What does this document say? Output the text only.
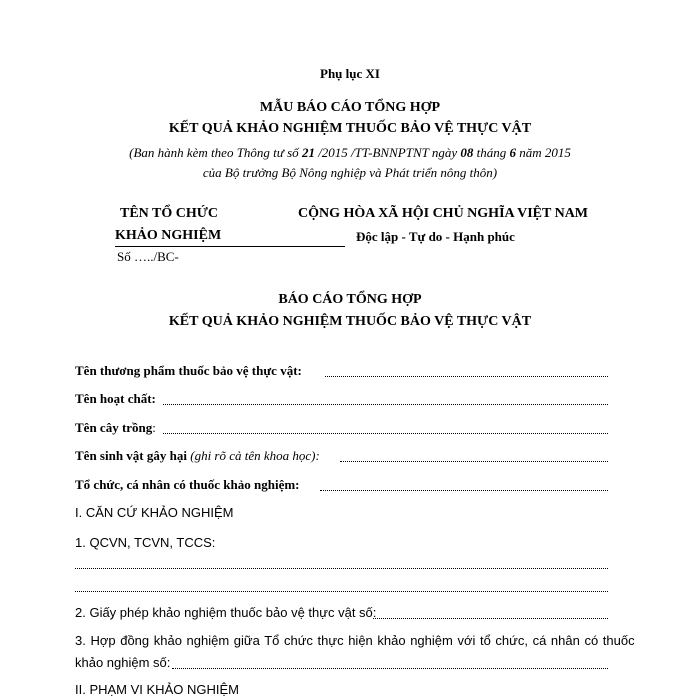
Phụ lục XI
MẪU BÁO CÁO TỔNG HỢP
KẾT QUẢ KHẢO NGHIỆM THUỐC BẢO VỆ THỰC VẬT
(Ban hành kèm theo Thông tư số 21 /2015 /TT-BNNPTNT ngày 08 tháng 6 năm 2015
của Bộ trưởng Bộ Nông nghiệp và Phát triển nông thôn)
TÊN TỔ CHỨC
KHẢO NGHIỆM
Số …../BC-
CỘNG HÒA XÃ HỘI CHỦ NGHĨA VIỆT NAM
Độc lập - Tự do - Hạnh phúc
BÁO CÁO TỔNG HỢP
KẾT QUẢ KHẢO NGHIỆM THUỐC BẢO VỆ THỰC VẬT
Tên thương phẩm thuốc bảo vệ thực vật:
Tên hoạt chất:
Tên cây trồng:
Tên sinh vật gây hại (ghi rõ cả tên khoa học):
Tổ chức, cá nhân có thuốc khảo nghiệm:
I. CĂN CỨ KHẢO NGHIỆM
1. QCVN, TCVN, TCCS:
2. Giấy phép khảo nghiệm thuốc bảo vệ thực vật số:
3. Hợp đồng khảo nghiệm giữa Tổ chức thực hiện khảo nghiệm với tổ chức, cá nhân có thuốc
khảo nghiệm số:
II. PHẠM VI KHẢO NGHIỆM
